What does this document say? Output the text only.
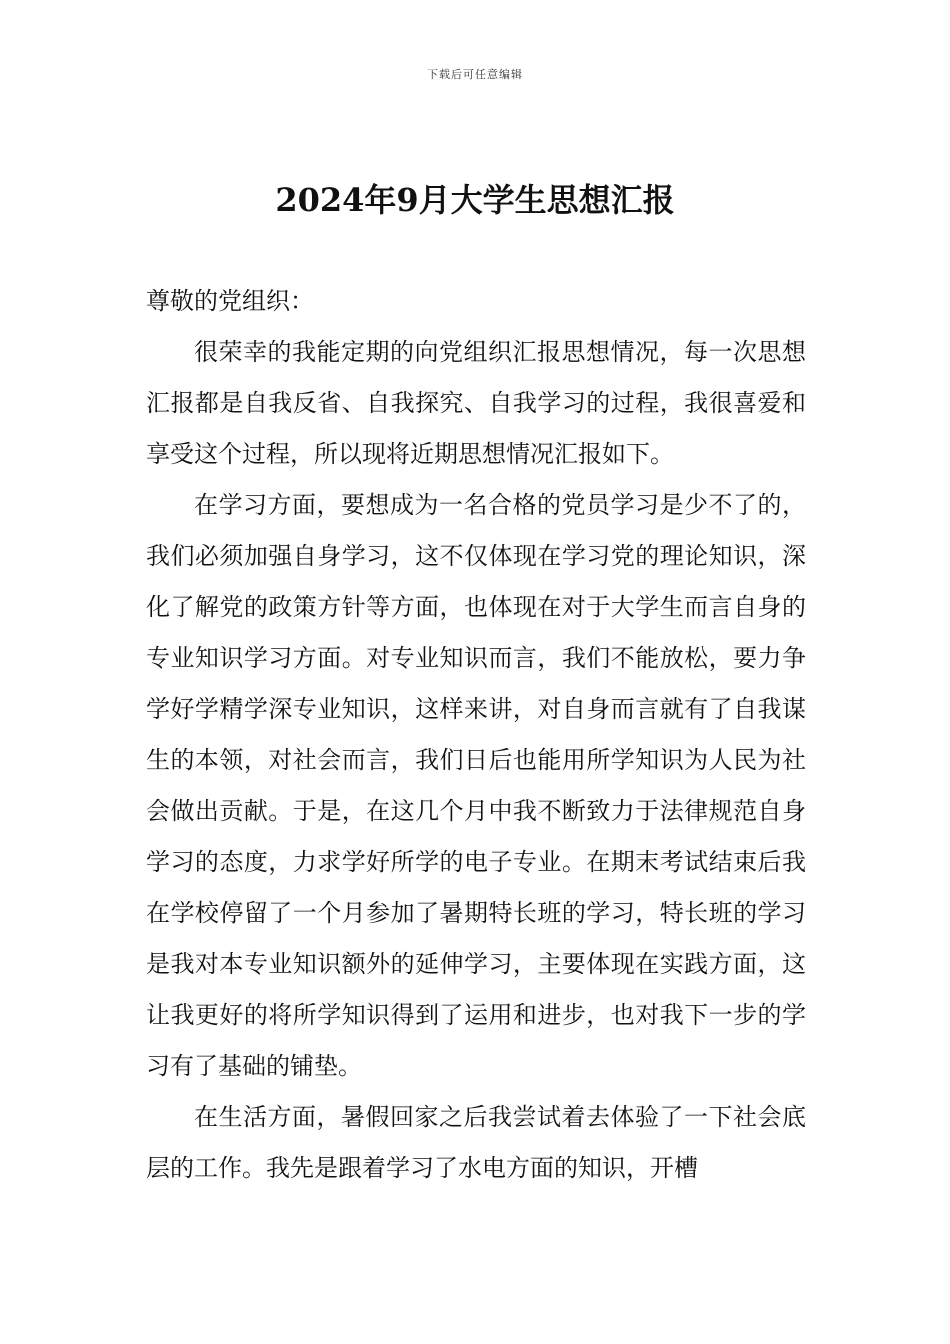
下载后可任意编辑
2024年9月大学生思想汇报

尊敬的党组织：

很荣幸的我能定期的向党组织汇报思想情况，每一次思想汇报都是自我反省、自我探究、自我学习的过程，我很喜爱和享受这个过程，所以现将近期思想情况汇报如下。

在学习方面，要想成为一名合格的党员学习是少不了的，我们必须加强自身学习，这不仅体现在学习党的理论知识，深化了解党的政策方针等方面，也体现在对于大学生而言自身的专业知识学习方面。对专业知识而言，我们不能放松，要力争学好学精学深专业知识，这样来讲，对自身而言就有了自我谋生的本领，对社会而言，我们日后也能用所学知识为人民为社会做出贡献。于是，在这几个月中我不断致力于法律规范自身学习的态度，力求学好所学的电子专业。在期末考试结束后我在学校停留了一个月参加了暑期特长班的学习，特长班的学习是我对本专业知识额外的延伸学习，主要体现在实践方面，这让我更好的将所学知识得到了运用和进步，也对我下一步的学习有了基础的铺垫。

在生活方面，暑假回家之后我尝试着去体验了一下社会底层的工作。我先是跟着学习了水电方面的知识，开槽
